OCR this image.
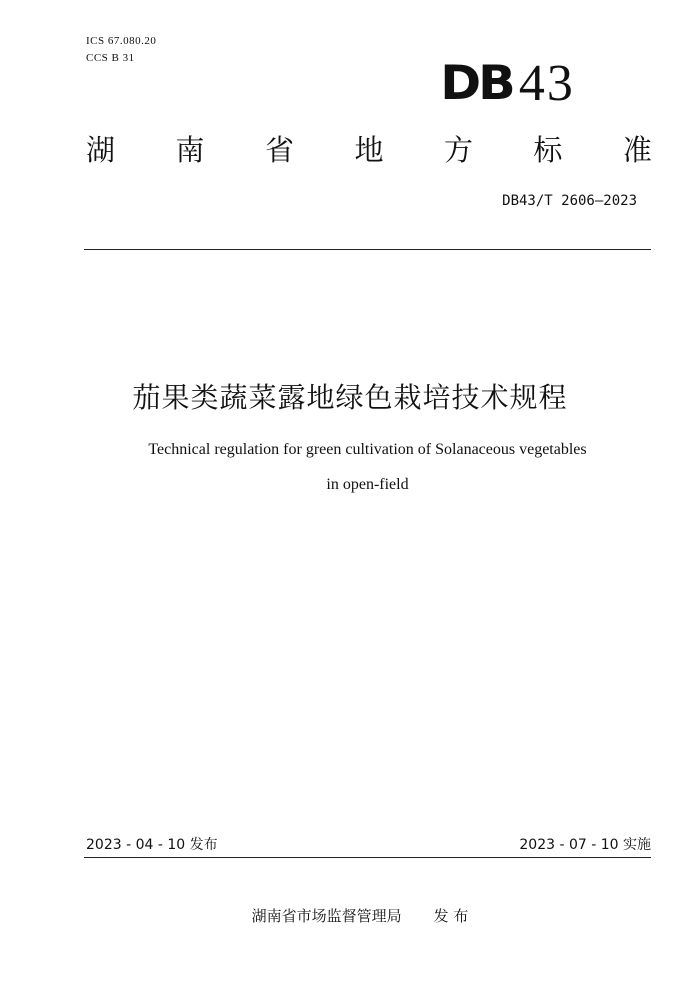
ICS 67.080.20
CCS B 31	DB 43
湖 南 省 地 方 标 准
DB43/T 2606—2023
茄果类蔬菜露地绿色栽培技术规程
Technical regulation for green cultivation of Solanaceous vegetables
in open-field
2023 - 04 - 10 发布	2023 - 07 - 10 实施
湖南省市场监督管理局 发 布
